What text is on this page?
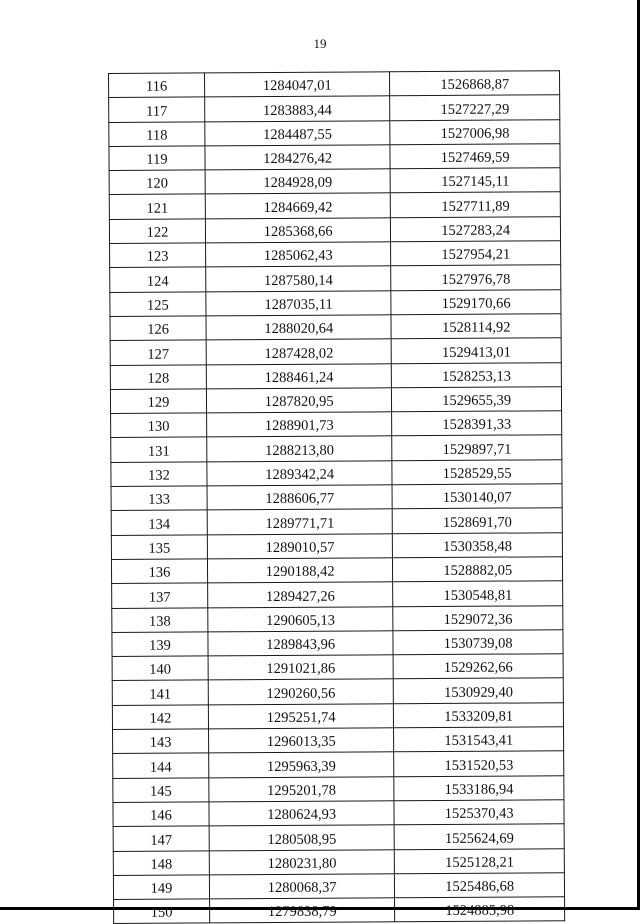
19
116	1284047,01	1526868,87
117	1283883,44	1527227,29
118	1284487,55	1527006,98
119	1284276,42	1527469,59
120	1284928,09	1527145,11
121	1284669,42	1527711,89
122	1285368,66	1527283,24
123	1285062,43	1527954,21
124	1287580,14	1527976,78
125	1287035,11	1529170,66
126	1288020,64	1528114,92
127	1287428,02	1529413,01
128	1288461,24	1528253,13
129	1287820,95	1529655,39
130	1288901,73	1528391,33
131	1288213,80	1529897,71
132	1289342,24	1528529,55
133	1288606,77	1530140,07
134	1289771,71	1528691,70
135	1289010,57	1530358,48
136	1290188,42	1528882,05
137	1289427,26	1530548,81
138	1290605,13	1529072,36
139	1289843,96	1530739,08
140	1291021,86	1529262,66
141	1290260,56	1530929,40
142	1295251,74	1533209,81
143	1296013,35	1531543,41
144	1295963,39	1531520,53
145	1295201,78	1533186,94
146	1280624,93	1525370,43
147	1280508,95	1525624,69
148	1280231,80	1525128,21
149	1280068,37	1525486,68
150	1279838,79	1524885,98
